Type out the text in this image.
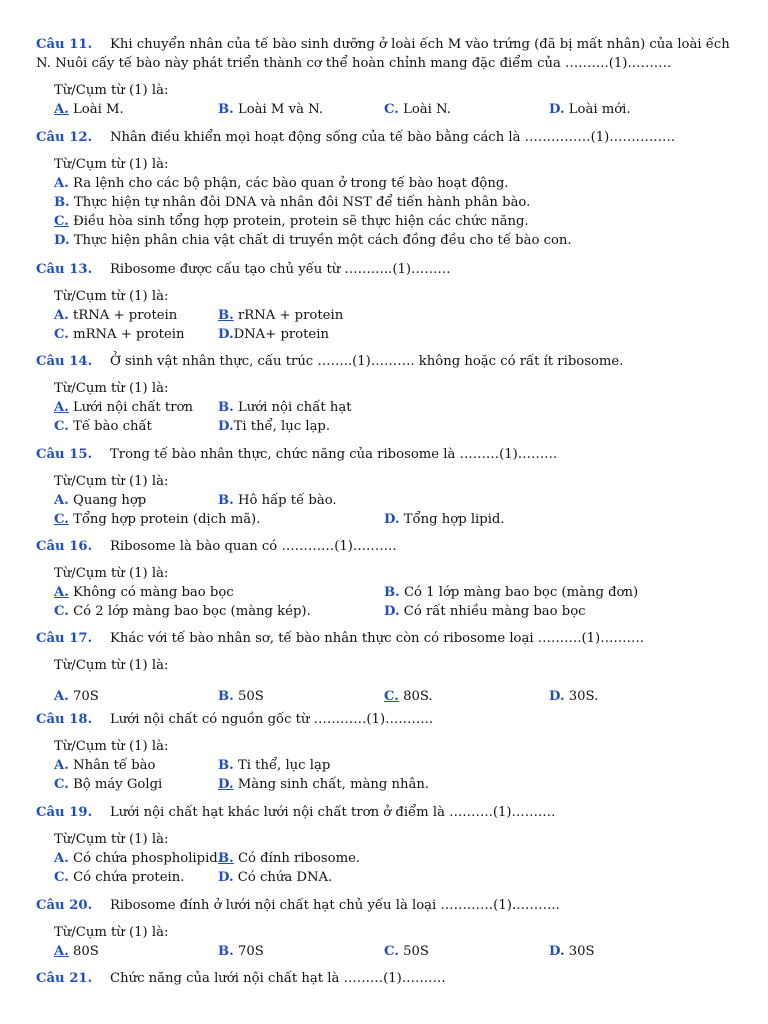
Câu 11. Khi chuyển nhân của tế bào sinh dưỡng ở loài ếch M vào trứng (đã bị mất nhân) của loài ếch N. Nuôi cấy tế bào này phát triển thành cơ thể hoàn chỉnh mang đặc điểm của ……….(1)……….
Từ/Cụm từ (1) là:
A. Loài M.	B. Loài M và N.	C. Loài N.	D. Loài mới.
Câu 12. Nhân điều khiển mọi hoạt động sống của tế bào bằng cách là ……………(1)……………
Từ/Cụm từ (1) là:
A. Ra lệnh cho các bộ phận, các bào quan ở trong tế bào hoạt động.
B. Thực hiện tự nhân đôi DNA và nhân đôi NST để tiến hành phân bào.
C. Điều hòa sinh tổng hợp protein, protein sẽ thực hiện các chức năng.
D. Thực hiện phân chia vật chất di truyền một cách đồng đều cho tế bào con.
Câu 13. Ribosome được cấu tạo chủ yếu từ ………..(1)………
Từ/Cụm từ (1) là:
A. tRNA + protein	B. rRNA + protein
C. mRNA + protein	D.DNA+ protein
Câu 14. Ở sinh vật nhân thực, cấu trúc ……..(1)………. không hoặc có rất ít ribosome.
Từ/Cụm từ (1) là:
A. Lưới nội chất trơn B. Lưới nội chất hạt
C. Tế bào chất	D.Ti thể, lục lạp.
Câu 15. Trong tế bào nhân thực, chức năng của ribosome là ………(1)………
Từ/Cụm từ (1) là:
A. Quang hợp	B. Hô hấp tế bào.
C. Tổng hợp protein (dịch mã).	D. Tổng hợp lipid.
Câu 16. Ribosome là bào quan có …………(1)……….
Từ/Cụm từ (1) là:
A. Không có màng bao bọc	B. Có 1 lớp màng bao bọc (màng đơn)
C. Có 2 lớp màng bao bọc (màng kép).	D. Có rất nhiều màng bao bọc
Câu 17. Khác với tế bào nhân sơ, tế bào nhân thực còn có ribosome loại ……….(1)……….
Từ/Cụm từ (1) là:
A. 70S	B. 50S	C. 80S.	D. 30S.
Câu 18. Lưới nội chất có nguồn gốc từ …………(1)………..
Từ/Cụm từ (1) là:
A. Nhân tế bào	B. Ti thể, lục lạp
C. Bộ máy Golgi	D. Màng sinh chất, màng nhân.
Câu 19. Lưới nội chất hạt khác lưới nội chất trơn ở điểm là ……….(1)……….
Từ/Cụm từ (1) là:
A. Có chứa phospholipid.
B. Có đính ribosome.
C. Có chứa protein.	D. Có chứa DNA.
Câu 20. Ribosome đính ở lưới nội chất hạt chủ yếu là loại …………(1)………..
Từ/Cụm từ (1) là:
A. 80S	B. 70S	C. 50S	D. 30S
Câu 21. Chức năng của lưới nội chất hạt là ………(1)……….
